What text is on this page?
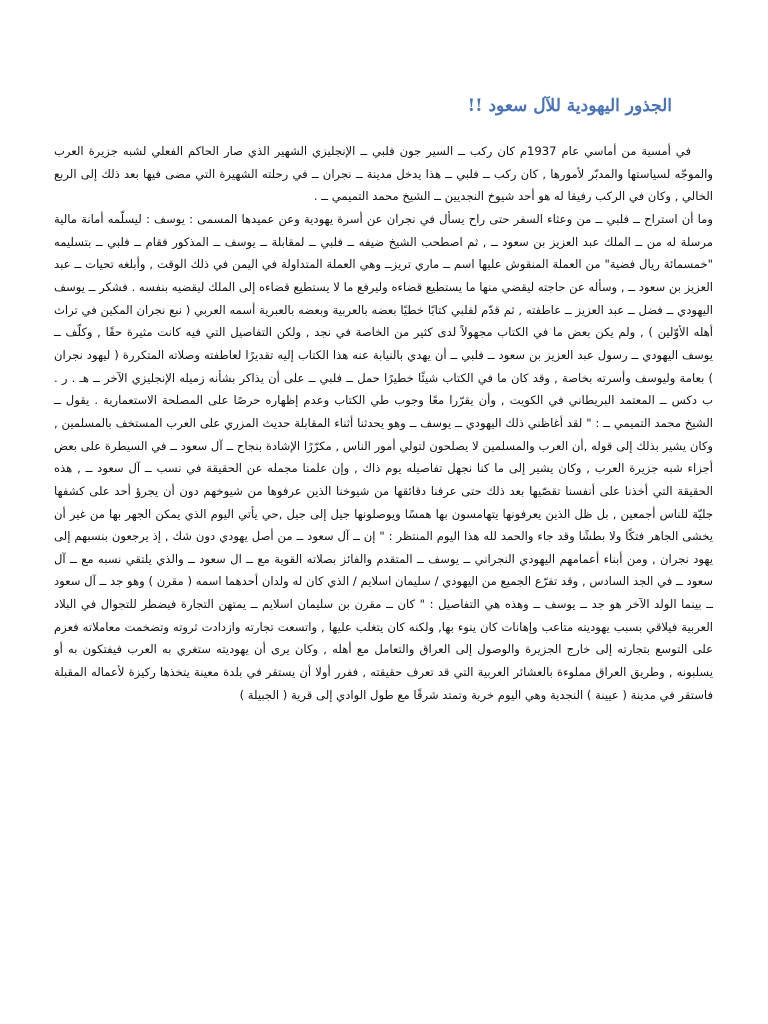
الجذور اليهودية للآل سعود !!

في أمسية من أماسي عام 1937م كان ركب ــ السير جون فلبي ــ الإنجليزي الشهير الذي صار الحاكم الفعلي لشبه جزيرة العرب والموجّه لسياستها والمدبّر لأمورها , كان ركب ــ فلبي ــ هذا يدخل مدينة ــ نجران ــ في رحلته الشهيرة التي مضى فيها بعد ذلك إلى الربع الخالي , وكان في الركب رفيقا له هو أحد شيوخ النجديين ــ الشيخ محمد التميمي ــ .

وما أن استراح ــ فلبي ــ من وعثاء السفر حتى راح يسأل في نجران عن أسرة يهودية وعن عميدها المسمى : يوسف : ليسلّمه أمانة مالية مرسلة له من ــ الملك عبد العزيز بن سعود ــ , ثم اصطحب الشيخ ضيفه ــ فلبي ــ لمقابلة ــ يوسف ــ المذكور فقام ــ فلبي ــ بتسليمه "خمسمائة ريال فضية" من العملة المنقوش عليها اسم ــ ماري تريزــ وهي العملة المتداولة في اليمن في ذلك الوقت , وأبلغه تحيات ــ عبد العزيز بن سعود ــ , وسأله عن حاجته ليقضي منها ما يستطيع قضاءه وليرفع ما لا يستطيع قضاءه إلى الملك ليقضيه بنفسه . فشكر ــ يوسف اليهودي ــ فضل ــ عبد العزيز ــ عاطفته , ثم قدّم لفلبي كتابًا خطيًا بعضه بالعربية وبعضه بالعبرية أسمه العربي ( نبع نجران المكين في تراث أهله الأوّلين ) , ولم يكن بعض ما في الكتاب مجهولاً لدى كثير من الخاصة في نجد , ولكن التفاصيل التي فيه كانت مثيرة حقًا , وكلّف ــ يوسف اليهودي ــ رسول عبد العزيز بن سعود ــ فلبي ــ أن يهدي بالنيابة عنه هذا الكتاب إليه تقديرًا لعاطفته وصلاته المتكررة ( ليهود نجران ) بعامة وليوسف وأسرته بخاصة , وقد كان ما في الكتاب شيئًا خطيرًا حمل ــ فلبي ــ على أن يذاكر بشأنه زميله الإنجليزي الآخر ــ هـ . ر . ب دكس ــ المعتمد البريطاني في الكويت , وأن يقرّرا معًا وجوب طي الكتاب وعدم إظهاره حرصًا على المصلحة الاستعمارية . يقول ــ الشيخ محمد التميمي ــ : " لقد أغاظني ذلك اليهودي ــ يوسف ــ وهو يحدثنا أثناء المقابلة حديث المزري على العرب المستخف بالمسلمين , وكان يشير بذلك إلى قوله ,أن العرب والمسلمين لا يصلحون لتولي أمور الناس , مكرّرًا الإشادة بنجاح ــ آل سعود ــ في السيطرة على بعض أجزاء شبه جزيرة العرب , وكان يشير إلى ما كنا نجهل تفاصيله يوم ذاك , وإن علمنا مجمله عن الحقيقة في نسب ــ آل سعود ــ , هذه الحقيقة التي أخذنا على أنفسنا تقصّيها بعد ذلك حتى عرفنا دقائقها من شيوخنا الذين عرفوها من شيوخهم دون أن يجرؤ أحد على كشفها جليّة للناس أجمعين , بل ظل الذين يعرفونها يتهامسون بها همسًا ويوصلونها جيل إلى جيل ,حي يأتي اليوم الذي يمكن الجهر بها من غير أن يخشى الجاهر فتكًا ولا بطشًا وقد جاء والحمد لله هذا اليوم المنتظر : " إن ــ آل سعود ــ من أصل يهودي دون شك , إذ يرجعون بنسبهم إلى يهود نجران , ومن أبناء أعمامهم اليهودي النجراني ــ يوسف ــ المتقدم والفائز بصلاته القوية مع ــ ال سعود ــ والذي يلتقي نسبه مع ــ آل سعود ــ في الجد السادس , وقد تفرّع الجميع من اليهودي / سليمان اسلايم / الذي كان له ولدان أحدهما اسمه ( مقرن ) وهو جد ــ آل سعود ــ بينما الولد الآخر هو جد ــ يوسف ــ وهذه هي التفاصيل : " كان ــ مقرن بن سليمان اسلايم ــ يمتهن التجارة فيضطر للتجوال في البلاد العربية فيلاقي بسبب يهوديته متاعب وإهانات كان ينوء بها, ولكنه كان يتغلب عليها , واتسعت تجارته وازدادت ثروته وتضخمت معاملاته فعزم على التوسع بتجارته إلى خارج الجزيرة والوصول إلى العراق والتعامل مع أهله , وكان يرى أن يهوديته ستغري به العرب فيفتكون به أو يسلبونه , وطريق العراق مملوءة بالعشائر العربية التي قد تعرف حقيقته , ففرر أولا أن يستقر في بلدة معينة يتخذها ركيزة لأعماله المقبلة فاستقر في مدينة ( عيينة ) النجدية وهي اليوم خربة وتمتد شرقًا مع طول الوادي إلى قرية ( الجبيلة )
